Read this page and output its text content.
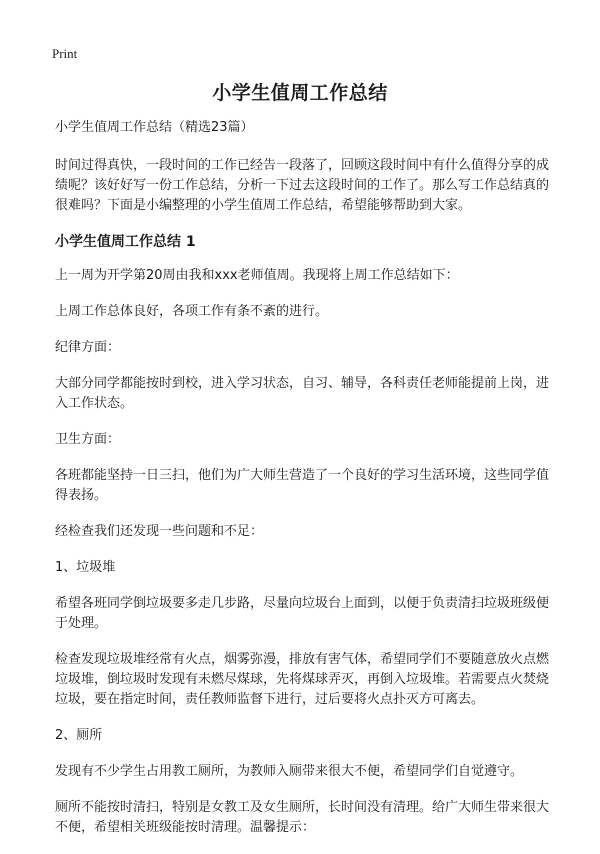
Print
小学生值周工作总结

小学生值周工作总结（精选23篇）

时间过得真快，一段时间的工作已经告一段落了，回顾这段时间中有什么值得分享的成绩呢？该好好写一份工作总结，分析一下过去这段时间的工作了。那么写工作总结真的很难吗？下面是小编整理的小学生值周工作总结，希望能够帮助到大家。

小学生值周工作总结 1

上一周为开学第20周由我和xxx老师值周。我现将上周工作总结如下：

上周工作总体良好，各项工作有条不紊的进行。

纪律方面：

大部分同学都能按时到校，进入学习状态，自习、辅导，各科责任老师能提前上岗，进入工作状态。

卫生方面：

各班都能坚持一日三扫，他们为广大师生营造了一个良好的学习生活环境，这些同学值得表扬。

经检查我们还发现一些问题和不足：

1、垃圾堆

希望各班同学倒垃圾要多走几步路，尽量向垃圾台上面到，以便于负责清扫垃圾班级便于处理。

检查发现垃圾堆经常有火点，烟雾弥漫，排放有害气体，希望同学们不要随意放火点燃垃圾堆，倒垃圾时发现有未燃尽煤球，先将煤球弄灭，再倒入垃圾堆。若需要点火焚烧垃圾，要在指定时间，责任教师监督下进行，过后要将火点扑灭方可离去。

2、厕所

发现有不少学生占用教工厕所，为教师入厕带来很大不便，希望同学们自觉遵守。

厕所不能按时清扫，特别是女教工及女生厕所，长时间没有清理。给广大师生带来很大不便，希望相关班级能按时清理。温馨提示：
